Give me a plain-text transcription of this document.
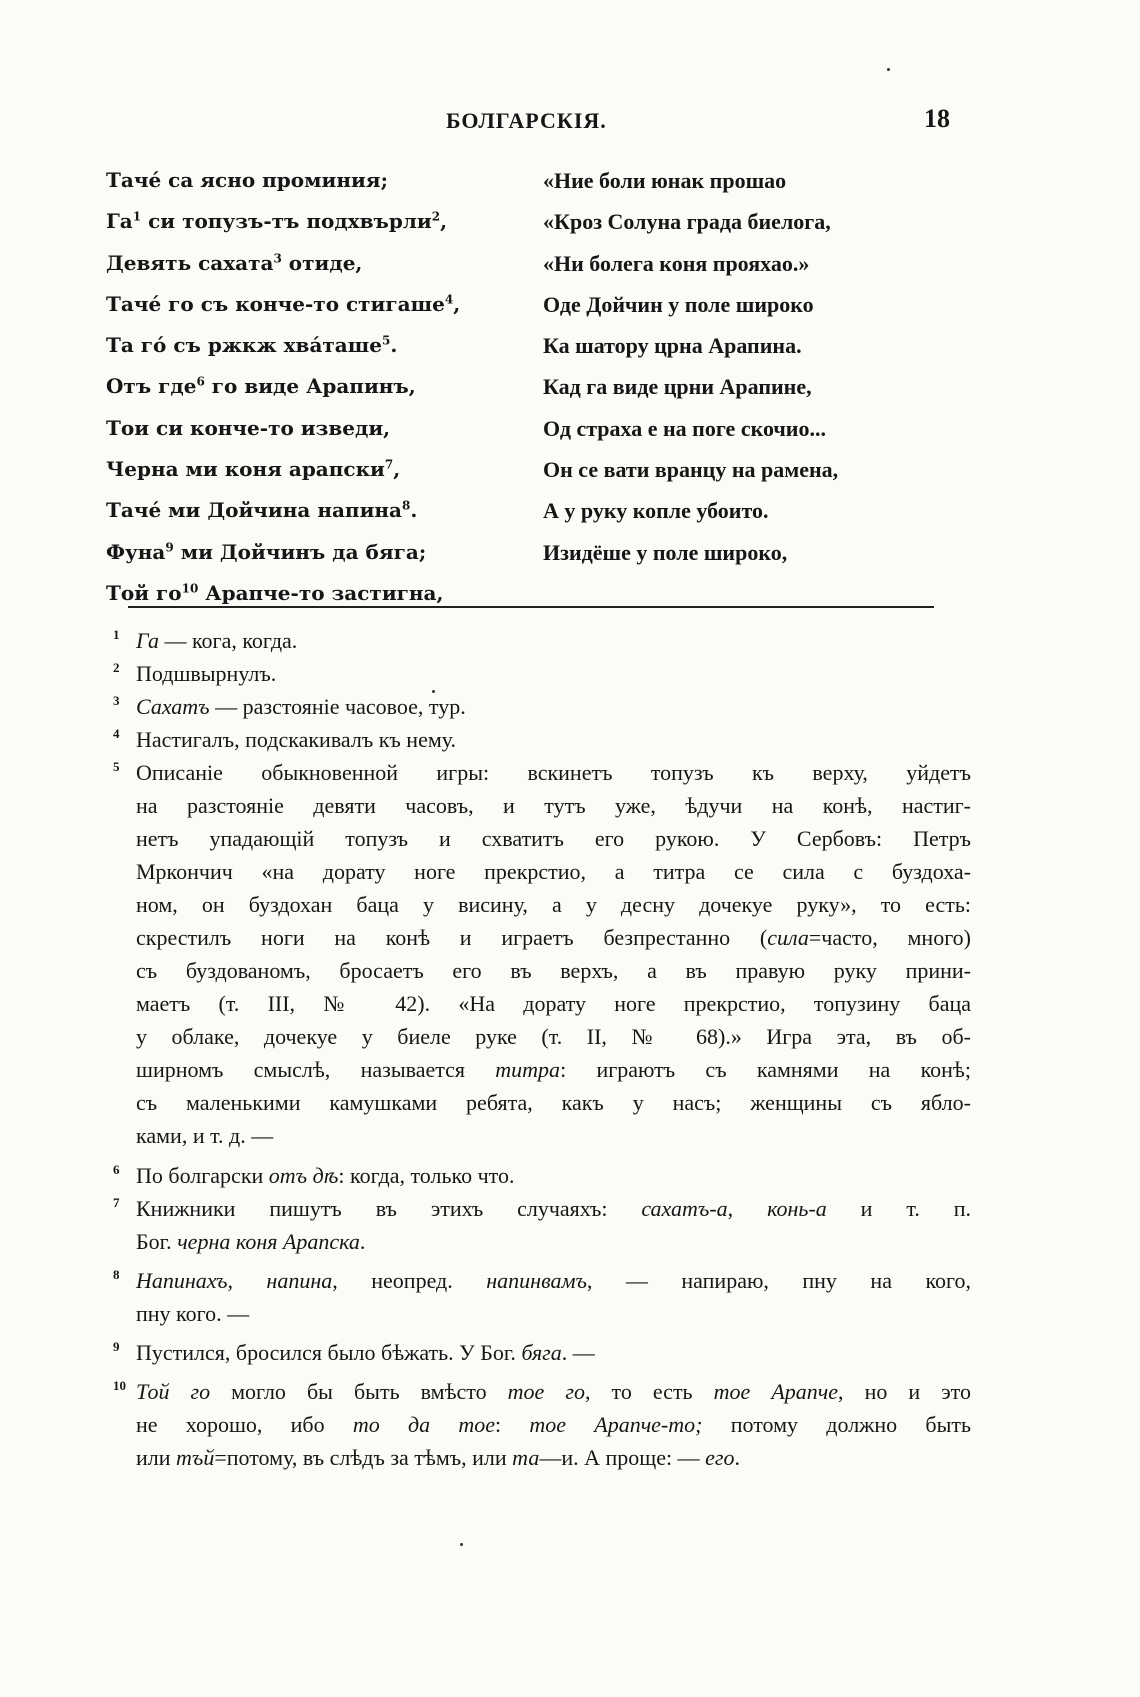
БОЛГАРСКІЯ.	18
Тачé са ясно проминия;
$Га^1$ си топузъ-тъ подхвърли$^2$,
Девять сахата$^3$ отиде,
Тачé го съ конче-то стигаше$^4$,
Та гó съ ржкж хвáташе$^5$.
Отъ где$^6$ го виде Арапинъ,
Тои си конче-то изведи,
Черна ми коня арапски$^7$,
Тачé ми Дойчина напина$^8$.
Фуна$^9$ ми Дойчинъ да бяга;
Той $го^{10}$ Арапче-то застигна,
«Ние боли юнак прошао
«Кроз Солуна града биелога,
«Ни болега коня прояхао.»
Оде Дойчин у поле широко
Ка шатору црна Арапина.
Кад га виде црни Арапине,
Од страха е на поге скочио...
Он се вати вранцу на рамена,
А у руку копле убоито.
Изидёше у поле широко,
1 Га — кога, когда.
2 Подшвырнулъ.
3 Сахатъ — разстояніе часовое, тур.
4 Настигалъ, подскакивалъ къ нему.
5 Описаніе обыкновенной игры: вскинетъ топузъ къ верху, уйдетъ
на разстояніе девяти часовъ, и тутъ уже, ѣдучи на конѣ, настиг-
нетъ упадающій топузъ и схватитъ его рукою. У Сербовъ: Петръ
Мркончич «на дорату ноге прекрстио, а титра се сила с буздоха-
ном, он буздохан баца у висину, а у десну дочекуе руку», то есть:
скрестилъ ноги на конѣ и играетъ безпрестанно (сила=часто, много)
съ буздованомъ, бросаетъ его въ верхъ, а въ правую руку прини-
маетъ (т. III, № 42). «На дорату ноге прекрстио, топузину баца
у облаке, дочекуе у биеле руке (т. II, № 68).» Игра эта, въ об-
ширномъ смыслѣ, называется титра: играютъ съ камнями на конѣ;
съ маленькими камушками ребята, какъ у насъ; женщины съ ябло-
ками, и т. д. —
6 По болгарски отъ дѣ: когда, только что.
7 Книжники пишутъ въ этихъ случаяхъ: сахатъ-а, конь-а и т. п.
Бог. черна коня Арапска.
8 Напинахъ, напина, неопред. напинвамъ, — напираю, пну на кого,
пну кого. —
9 Пустился, бросился было бѣжать. У Бог. бяга. —
10 Той го могло бы быть вмѣсто тое го, то есть тое Арапче, но и это
не хорошо, ибо то да тое: тое Арапче-то; потому должно быть
или тъй=потому, въ слѣдъ за тѣмъ, или та—и. А проще: — его.
